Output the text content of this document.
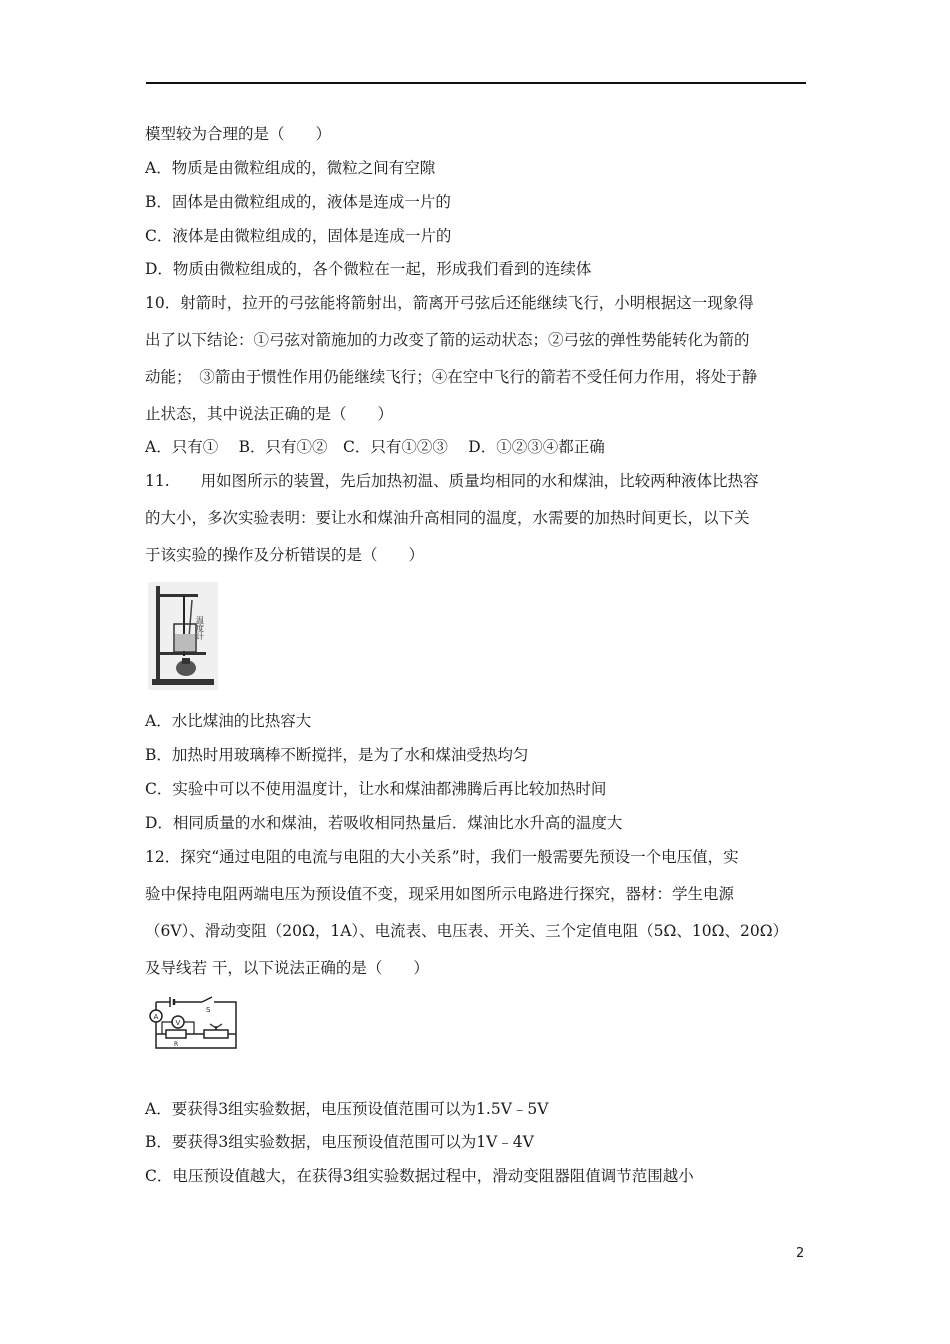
模型较为合理的是（　　）
A．物质是由微粒组成的，微粒之间有空隙
B．固体是由微粒组成的，液体是连成一片的
C．液体是由微粒组成的，固体是连成一片的
D．物质由微粒组成的，各个微粒在一起，形成我们看到的连续体
10．射箭时，拉开的弓弦能将箭射出，箭离开弓弦后还能继续飞行，小明根据这一现象得
出了以下结论：①弓弦对箭施加的力改变了箭的运动状态；②弓弦的弹性势能转化为箭的
动能；　③箭由于惯性作用仍能继续飞行；④在空中飞行的箭若不受任何力作用，将处于静
止状态，其中说法正确的是（　　）
A．只有①　 B．只有①②　C．只有①②③　 D．①②③④都正确
11.　　用如图所示的装置，先后加热初温、质量均相同的水和煤油，比较两种液体比热容
的大小，多次实验表明：要让水和煤油升高相同的温度，水需要的加热时间更长，以下关
于该实验的操作及分析错误的是（　　）
温度计
A．水比煤油的比热容大
B．加热时用玻璃棒不断搅拌，是为了水和煤油受热均匀
C．实验中可以不使用温度计，让水和煤油都沸腾后再比较加热时间
D．相同质量的水和煤油，若吸收相同热量后．煤油比水升高的温度大
12．探究“通过电阻的电流与电阻的大小关系”时，我们一般需要先预设一个电压值，实
验中保持电阻两端电压为预设值不变，现采用如图所示电路进行探究，器材：学生电源
（6V）、滑动变阻（20Ω，1A）、电流表、电压表、开关、三个定值电阻（5Ω、10Ω、20Ω）
及导线若 干，以下说法正确的是（　　）
S
A
V
R
A．要获得3组实验数据，电压预设值范围可以为1.5V﹣5V
B．要获得3组实验数据，电压预设值范围可以为1V﹣4V
C．电压预设值越大，在获得3组实验数据过程中，滑动变阻器阻值调节范围越小
2
